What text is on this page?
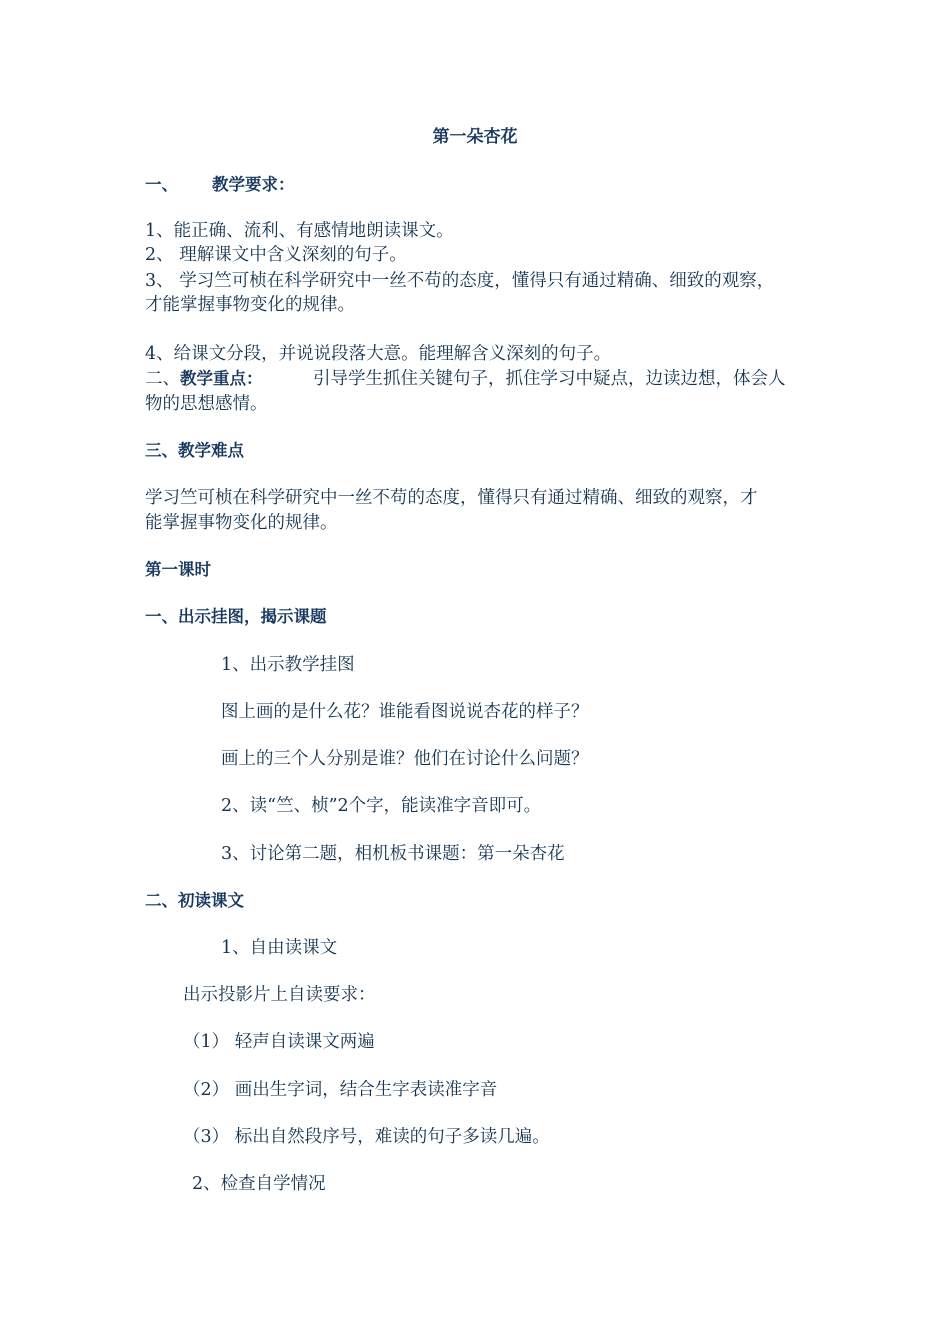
第一朵杏花
一、 教学要求：
1、能正确、流利、有感情地朗读课文。
2、 理解课文中含义深刻的句子。
3、 学习竺可桢在科学研究中一丝不苟的态度，懂得只有通过精确、细致的观察，
才能掌握事物变化的规律。
4、给课文分段，并说说段落大意。能理解含义深刻的句子。
二、教学重点：	引导学生抓住关键句子，抓住学习中疑点，边读边想，体会人
物的思想感情。
三、教学难点
学习竺可桢在科学研究中一丝不苟的态度，懂得只有通过精确、细致的观察，才
能掌握事物变化的规律。
第一课时
一、出示挂图，揭示课题
1、出示教学挂图
图上画的是什么花？谁能看图说说杏花的样子？
画上的三个人分别是谁？他们在讨论什么问题？
2、读“竺、桢”2个字，能读准字音即可。
3、讨论第二题，相机板书课题：第一朵杏花
二、初读课文
1、自由读课文
出示投影片上自读要求：
（1） 轻声自读课文两遍
（2） 画出生字词，结合生字表读准字音
（3） 标出自然段序号，难读的句子多读几遍。
2、检查自学情况
